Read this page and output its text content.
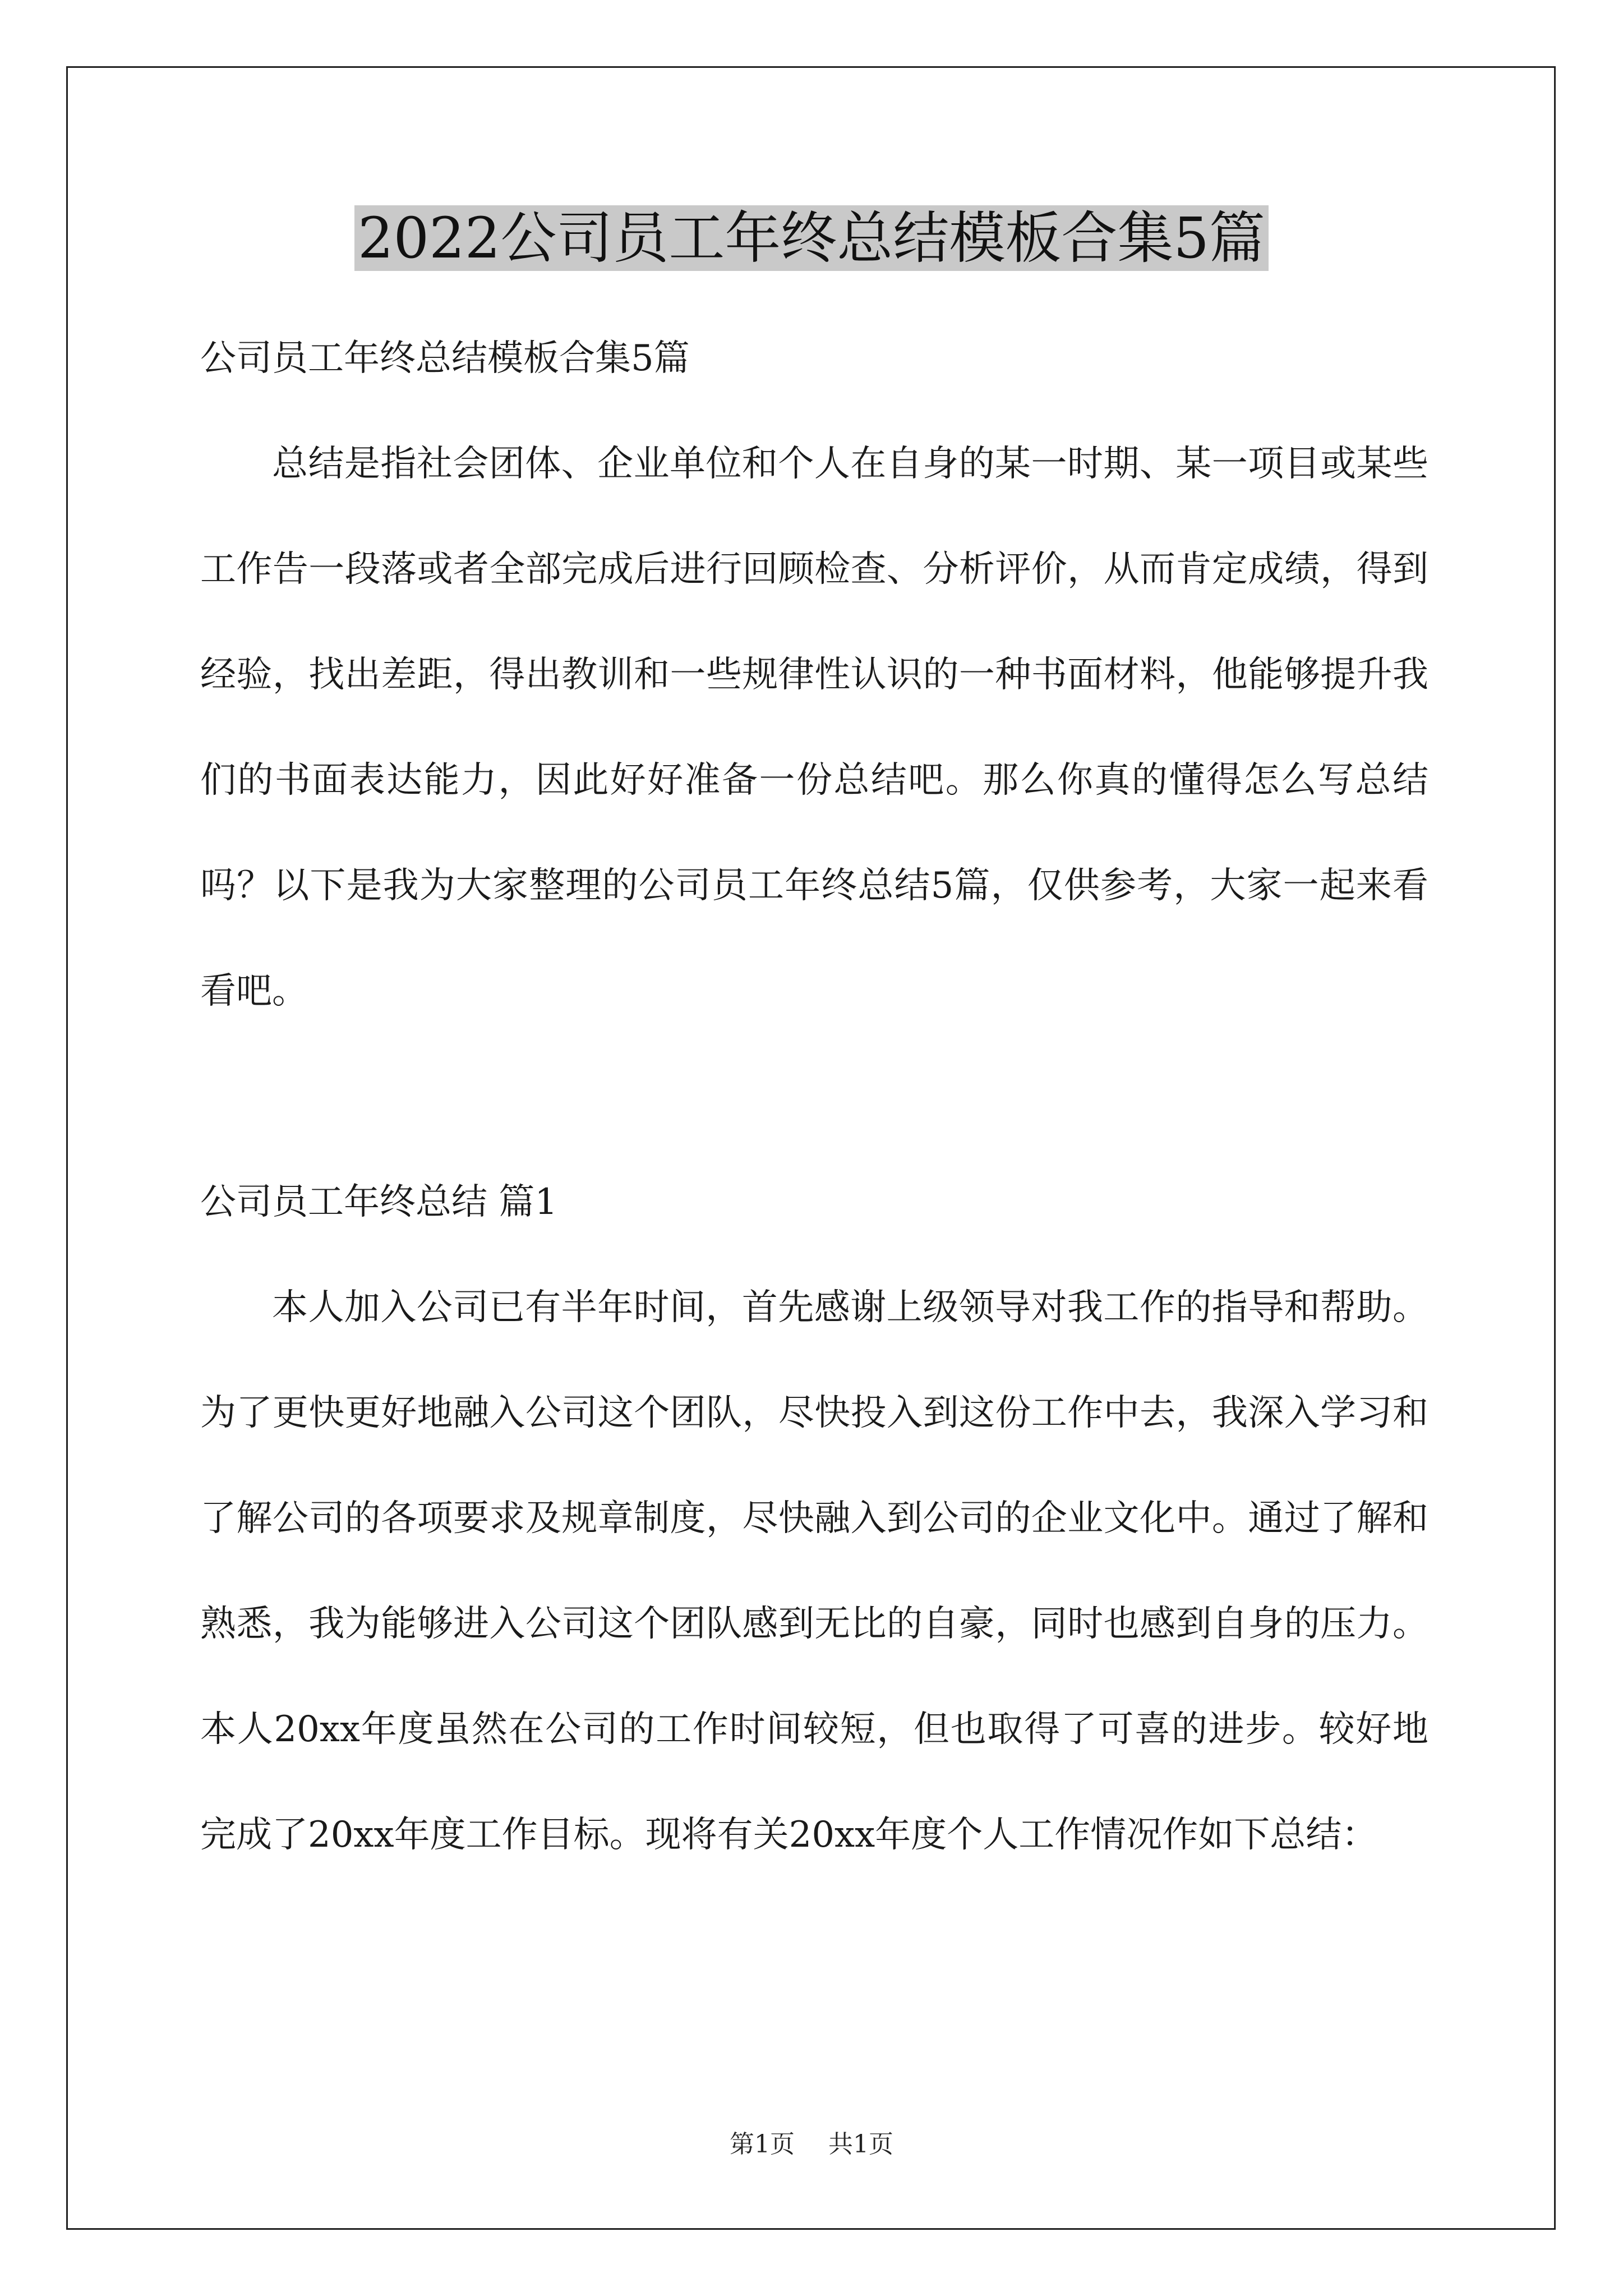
2022公司员工年终总结模板合集5篇

公司员工年终总结模板合集5篇

总结是指社会团体、企业单位和个人在自身的某一时期、某一项目或某些工作告一段落或者全部完成后进行回顾检查、分析评价，从而肯定成绩，得到经验，找出差距，得出教训和一些规律性认识的一种书面材料，他能够提升我们的书面表达能力，因此好好准备一份总结吧。那么你真的懂得怎么写总结吗？以下是我为大家整理的公司员工年终总结5篇，仅供参考，大家一起来看看吧。

公司员工年终总结 篇1

本人加入公司已有半年时间，首先感谢上级领导对我工作的指导和帮助。为了更快更好地融入公司这个团队，尽快投入到这份工作中去，我深入学习和了解公司的各项要求及规章制度，尽快融入到公司的企业文化中。通过了解和熟悉，我为能够进入公司这个团队感到无比的自豪，同时也感到自身的压力。本人20xx年度虽然在公司的工作时间较短，但也取得了可喜的进步。较好地完成了20xx年度工作目标。现将有关20xx年度个人工作情况作如下总结：

第1页 共1页
